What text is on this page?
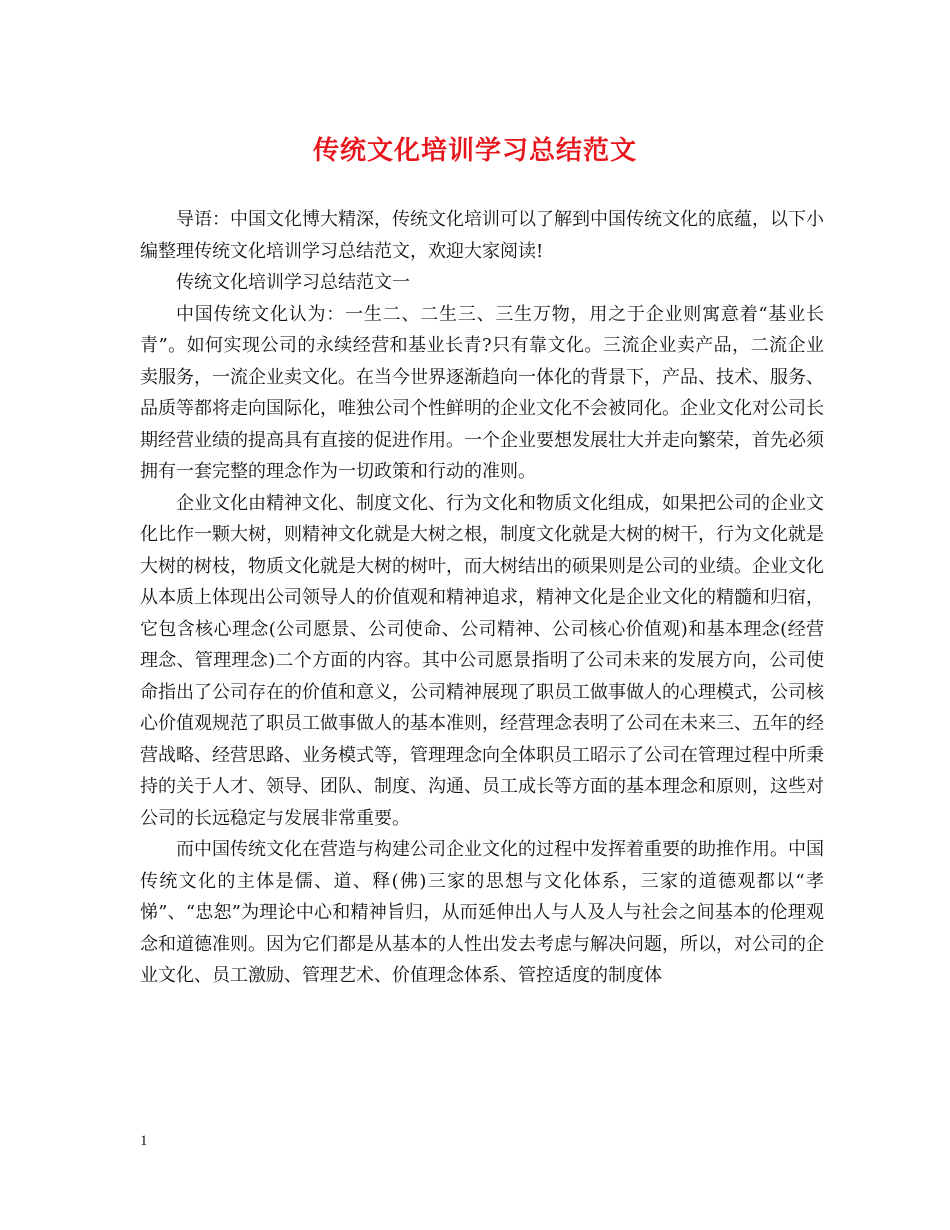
传统文化培训学习总结范文

导语：中国文化博大精深，传统文化培训可以了解到中国传统文化的底蕴，以下小编整理传统文化培训学习总结范文，欢迎大家阅读!

传统文化培训学习总结范文一

中国传统文化认为：一生二、二生三、三生万物，用之于企业则寓意着“基业长青”。如何实现公司的永续经营和基业长青?只有靠文化。三流企业卖产品，二流企业卖服务，一流企业卖文化。在当今世界逐渐趋向一体化的背景下，产品、技术、服务、品质等都将走向国际化，唯独公司个性鲜明的企业文化不会被同化。企业文化对公司长期经营业绩的提高具有直接的促进作用。一个企业要想发展壮大并走向繁荣，首先必须拥有一套完整的理念作为一切政策和行动的准则。

企业文化由精神文化、制度文化、行为文化和物质文化组成，如果把公司的企业文化比作一颗大树，则精神文化就是大树之根，制度文化就是大树的树干，行为文化就是大树的树枝，物质文化就是大树的树叶，而大树结出的硕果则是公司的业绩。企业文化从本质上体现出公司领导人的价值观和精神追求，精神文化是企业文化的精髓和归宿，它包含核心理念(公司愿景、公司使命、公司精神、公司核心价值观)和基本理念(经营理念、管理理念)二个方面的内容。其中公司愿景指明了公司未来的发展方向，公司使命指出了公司存在的价值和意义，公司精神展现了职员工做事做人的心理模式，公司核心价值观规范了职员工做事做人的基本准则，经营理念表明了公司在未来三、五年的经营战略、经营思路、业务模式等，管理理念向全体职员工昭示了公司在管理过程中所秉持的关于人才、领导、团队、制度、沟通、员工成长等方面的基本理念和原则，这些对公司的长远稳定与发展非常重要。

而中国传统文化在营造与构建公司企业文化的过程中发挥着重要的助推作用。中国传统文化的主体是儒、道、释(佛)三家的思想与文化体系，三家的道德观都以“孝悌”、“忠恕”为理论中心和精神旨归，从而延伸出人与人及人与社会之间基本的伦理观念和道德准则。因为它们都是从基本的人性出发去考虑与解决问题，所以，对公司的企业文化、员工激励、管理艺术、价值理念体系、管控适度的制度体

1
